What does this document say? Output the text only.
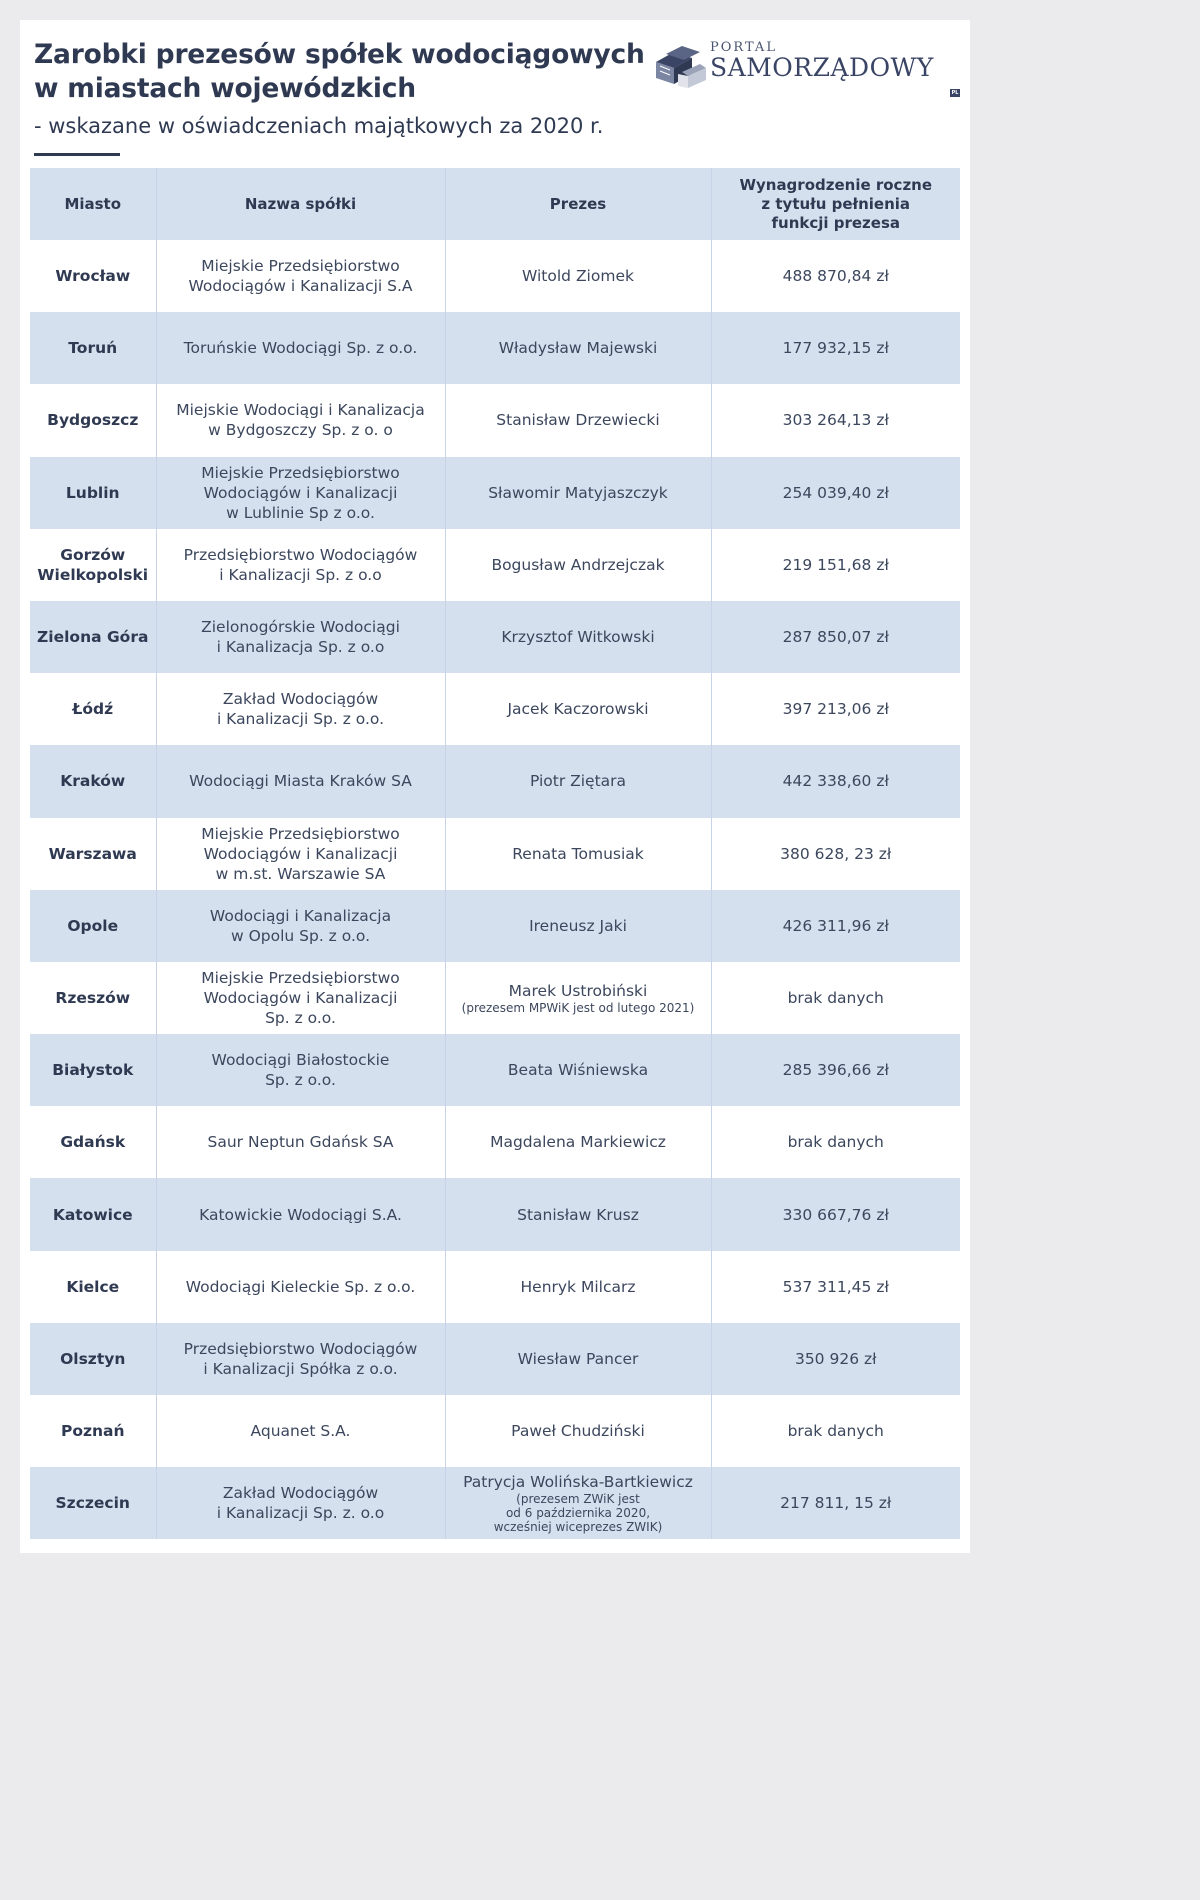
Zarobki prezesów spółek wodociągowych w miastach wojewódzkich
- wskazane w oświadczeniach majątkowych za 2020 r.
PORTAL
SAMORZĄDOWY
PL
Miasto	Nazwa spółki	Prezes	Wynagrodzenie roczne
z tytułu pełnienia
funkcji prezesa
Wrocław	Miejskie Przedsiębiorstwo
Wodociągów i Kanalizacji S.A	Witold Ziomek	488 870,84 zł
Toruń	Toruńskie Wodociągi Sp. z o.o.	Władysław Majewski	177 932,15 zł
Bydgoszcz	Miejskie Wodociągi i Kanalizacja
w Bydgoszczy Sp. z o. o	Stanisław Drzewiecki	303 264,13 zł
Lublin	Miejskie Przedsiębiorstwo
Wodociągów i Kanalizacji
w Lublinie Sp z o.o.	Sławomir Matyjaszczyk	254 039,40 zł
Gorzów
Wielkopolski	Przedsiębiorstwo Wodociągów
i Kanalizacji Sp. z o.o	Bogusław Andrzejczak	219 151,68 zł
Zielona Góra	Zielonogórskie Wodociągi
i Kanalizacja Sp. z o.o	Krzysztof Witkowski	287 850,07 zł
Łódź	Zakład Wodociągów
i Kanalizacji Sp. z o.o.	Jacek Kaczorowski	397 213,06 zł
Kraków	Wodociągi Miasta Kraków SA	Piotr Ziętara	442 338,60 zł
Warszawa	Miejskie Przedsiębiorstwo
Wodociągów i Kanalizacji
w m.st. Warszawie SA	Renata Tomusiak	380 628, 23 zł
Opole	Wodociągi i Kanalizacja
w Opolu Sp. z o.o.	Ireneusz Jaki	426 311,96 zł
Rzeszów	Miejskie Przedsiębiorstwo
Wodociągów i Kanalizacji
Sp. z o.o.	Marek Ustrobiński
(prezesem MPWiK jest od lutego 2021)	brak danych
Białystok	Wodociągi Białostockie
Sp. z o.o.	Beata Wiśniewska	285 396,66 zł
Gdańsk	Saur Neptun Gdańsk SA	Magdalena Markiewicz	brak danych
Katowice	Katowickie Wodociągi S.A.	Stanisław Krusz	330 667,76 zł
Kielce	Wodociągi Kieleckie Sp. z o.o.	Henryk Milcarz	537 311,45 zł
Olsztyn	Przedsiębiorstwo Wodociągów
i Kanalizacji Spółka z o.o.	Wiesław Pancer	350 926 zł
Poznań	Aquanet S.A.	Paweł Chudziński	brak danych
Szczecin	Zakład Wodociągów
i Kanalizacji Sp. z. o.o	Patrycja Wolińska-Bartkiewicz
(prezesem ZWiK jest
od 6 października 2020,
wcześniej wiceprezes ZWIK)	217 811, 15 zł
